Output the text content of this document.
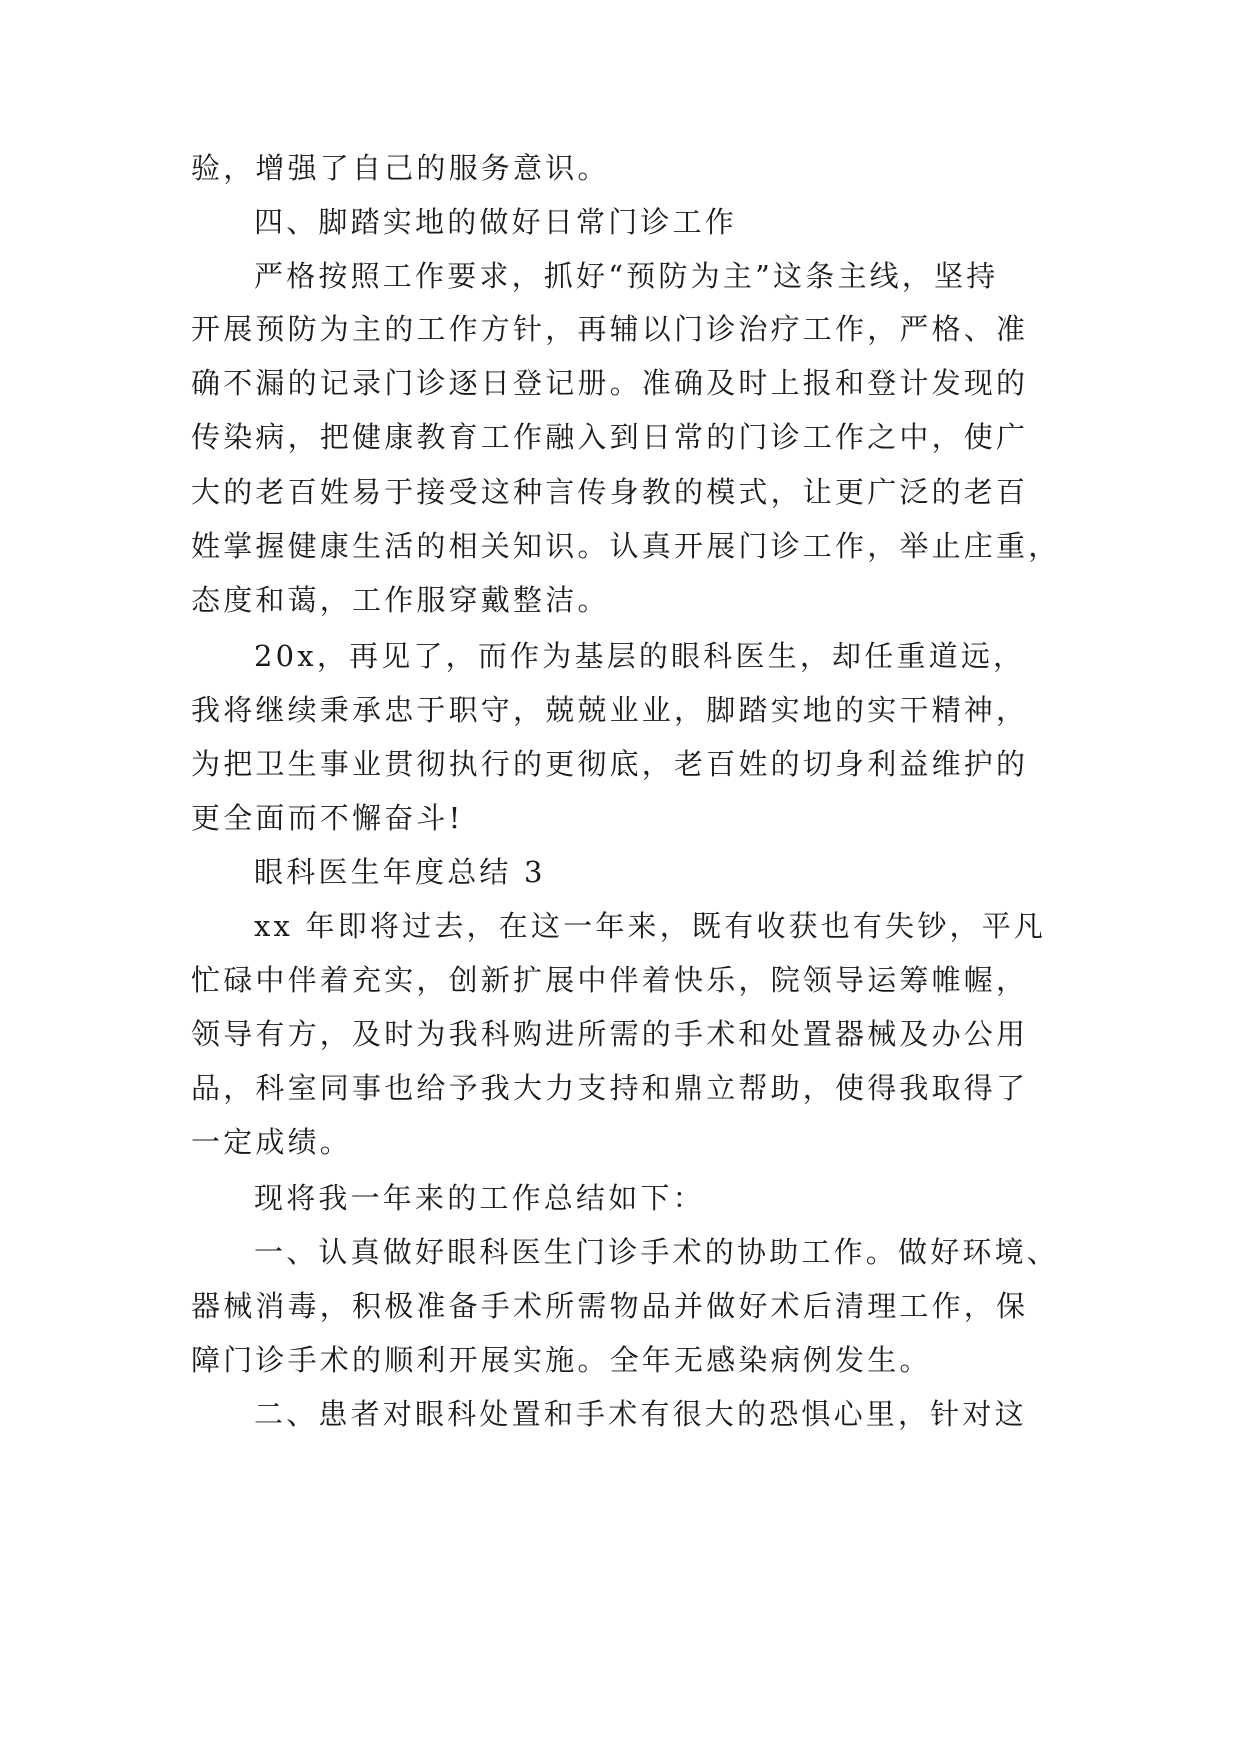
验，增强了自己的服务意识。
四、脚踏实地的做好日常门诊工作
严格按照工作要求，抓好“预防为主”这条主线，坚持
开展预防为主的工作方针，再辅以门诊治疗工作，严格、准
确不漏的记录门诊逐日登记册。准确及时上报和登计发现的
传染病，把健康教育工作融入到日常的门诊工作之中，使广
大的老百姓易于接受这种言传身教的模式，让更广泛的老百
姓掌握健康生活的相关知识。认真开展门诊工作，举止庄重，
态度和蔼，工作服穿戴整洁。
20x，再见了，而作为基层的眼科医生，却任重道远，
我将继续秉承忠于职守，兢兢业业，脚踏实地的实干精神，
为把卫生事业贯彻执行的更彻底，老百姓的切身利益维护的
更全面而不懈奋斗!
眼科医生年度总结 3
xx 年即将过去，在这一年来，既有收获也有失钞，平凡
忙碌中伴着充实，创新扩展中伴着快乐，院领导运筹帷幄，
领导有方，及时为我科购进所需的手术和处置器械及办公用
品，科室同事也给予我大力支持和鼎立帮助，使得我取得了
一定成绩。
现将我一年来的工作总结如下：
一、认真做好眼科医生门诊手术的协助工作。做好环境、
器械消毒，积极准备手术所需物品并做好术后清理工作，保
障门诊手术的顺利开展实施。全年无感染病例发生。
二、患者对眼科处置和手术有很大的恐惧心里，针对这
